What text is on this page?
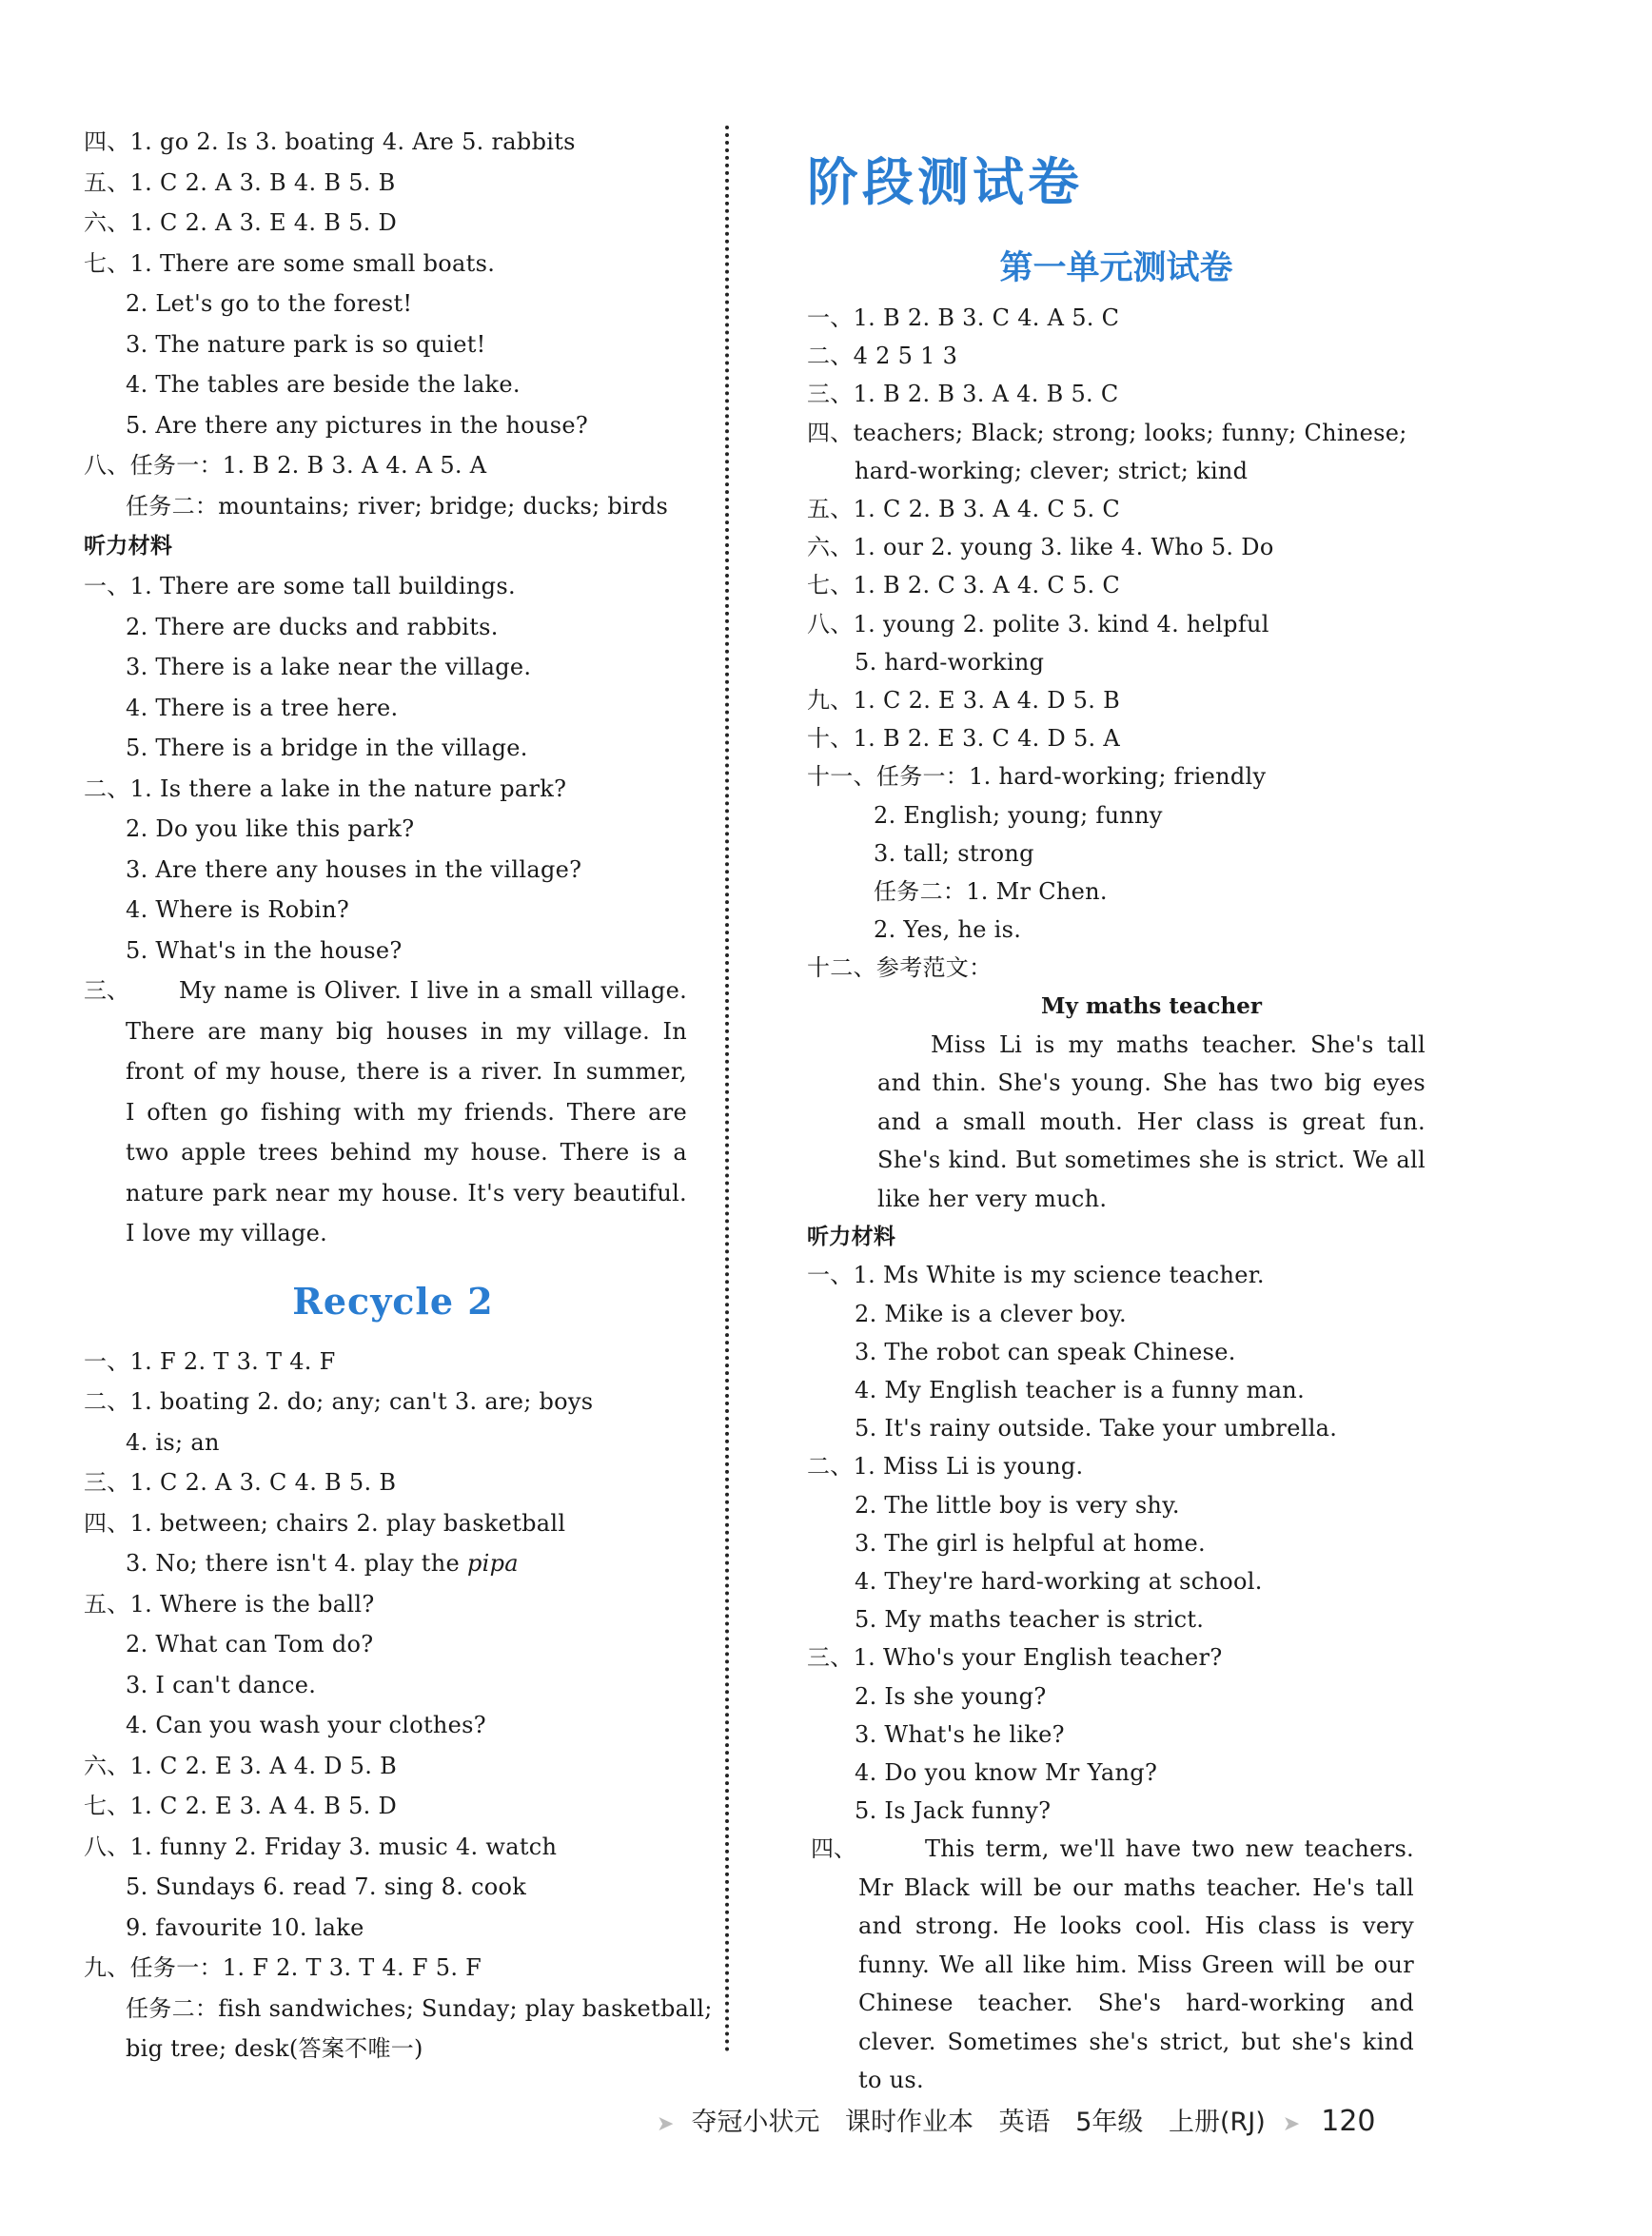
四、1. go 2. Is 3. boating 4. Are 5. rabbits
五、1. C 2. A 3. B 4. B 5. B
六、1. C 2. A 3. E 4. B 5. D
七、1. There are some small boats.
2. Let's go to the forest!
3. The nature park is so quiet!
4. The tables are beside the lake.
5. Are there any pictures in the house?
八、任务一：1. B 2. B 3. A 4. A 5. A
任务二：mountains; river; bridge; ducks; birds
听力材料
一、1. There are some tall buildings.
2. There are ducks and rabbits.
3. There is a lake near the village.
4. There is a tree here.
5. There is a bridge in the village.
二、1. Is there a lake in the nature park?
2. Do you like this park?
3. Are there any houses in the village?
4. Where is Robin?
5. What's in the house?
三、	My name is Oliver. I live in a small village. There are many big houses in my village. In front of my house, there is a river. In summer, I often go fishing with my friends. There are two apple trees behind my house. There is a nature park near my house. It's very beautiful. I love my village.
Recycle 2
一、1. F 2. T 3. T 4. F
二、1. boating 2. do; any; can't 3. are; boys
4. is; an
三、1. C 2. A 3. C 4. B 5. B
四、1. between; chairs 2. play basketball
3. No; there isn't 4. play the pipa
五、1. Where is the ball?
2. What can Tom do?
3. I can't dance.
4. Can you wash your clothes?
六、1. C 2. E 3. A 4. D 5. B
七、1. C 2. E 3. A 4. B 5. D
八、1. funny 2. Friday 3. music 4. watch
5. Sundays 6. read 7. sing 8. cook
9. favourite 10. lake
九、任务一：1. F 2. T 3. T 4. F 5. F
任务二：fish sandwiches; Sunday; play basketball;
big tree; desk(答案不唯一)
阶段测试卷
第一单元测试卷
一、1. B 2. B 3. C 4. A 5. C
二、4 2 5 1 3
三、1. B 2. B 3. A 4. B 5. C
四、teachers; Black; strong; looks; funny; Chinese;
hard-working; clever; strict; kind
五、1. C 2. B 3. A 4. C 5. C
六、1. our 2. young 3. like 4. Who 5. Do
七、1. B 2. C 3. A 4. C 5. C
八、1. young 2. polite 3. kind 4. helpful
5. hard-working
九、1. C 2. E 3. A 4. D 5. B
十、1. B 2. E 3. C 4. D 5. A
十一、任务一：1. hard-working; friendly
2. English; young; funny
3. tall; strong
任务二：1. Mr Chen.
2. Yes, he is.
十二、参考范文：
My maths teacher
Miss Li is my maths teacher. She's tall and thin. She's young. She has two big eyes and a small mouth. Her class is great fun. She's kind. But sometimes she is strict. We all like her very much.
听力材料
一、1. Ms White is my science teacher.
2. Mike is a clever boy.
3. The robot can speak Chinese.
4. My English teacher is a funny man.
5. It's rainy outside. Take your umbrella.
二、1. Miss Li is young.
2. The little boy is very shy.
3. The girl is helpful at home.
4. They're hard-working at school.
5. My maths teacher is strict.
三、1. Who's your English teacher?
2. Is she young?
3. What's he like?
4. Do you know Mr Yang?
5. Is Jack funny?
四、	This term, we'll have two new teachers. Mr Black will be our maths teacher. He's tall and strong. He looks cool. His class is very funny. We all like him. Miss Green will be our Chinese teacher. She's hard-working and clever. Sometimes she's strict, but she's kind to us.
➤ 夺冠小状元 课时作业本 英语 5年级 上册(RJ) ➤ 120
